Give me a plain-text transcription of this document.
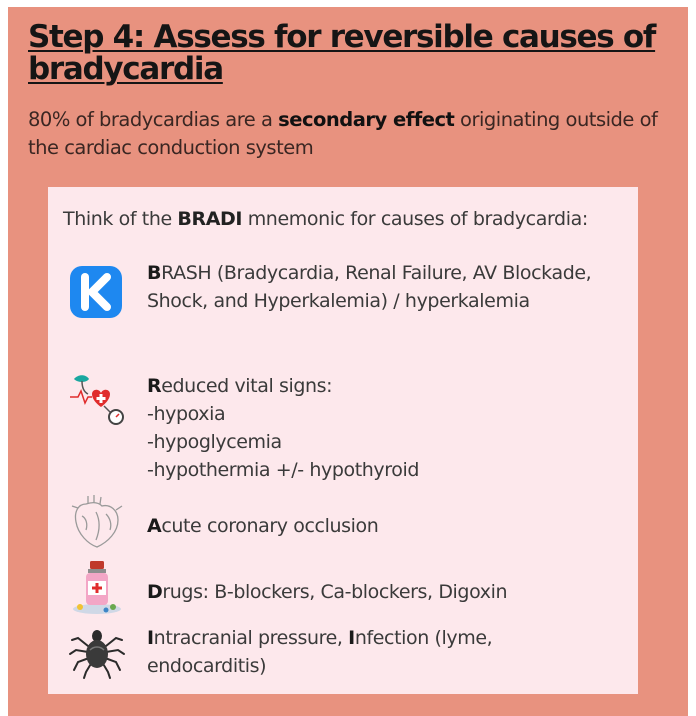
Step 4: Assess for reversible causes of bradycardia

80% of bradycardias are a secondary effect originating outside of the cardiac conduction system

Think of the BRADI mnemonic for causes of bradycardia:

BRASH (Bradycardia, Renal Failure, AV Blockade, Shock, and Hyperkalemia) / hyperkalemia

Reduced vital signs:
-hypoxia
-hypoglycemia
-hypothermia +/- hypothyroid

Acute coronary occlusion

Drugs: B-blockers, Ca-blockers, Digoxin

Intracranial pressure, Infection (lyme, endocarditis)
